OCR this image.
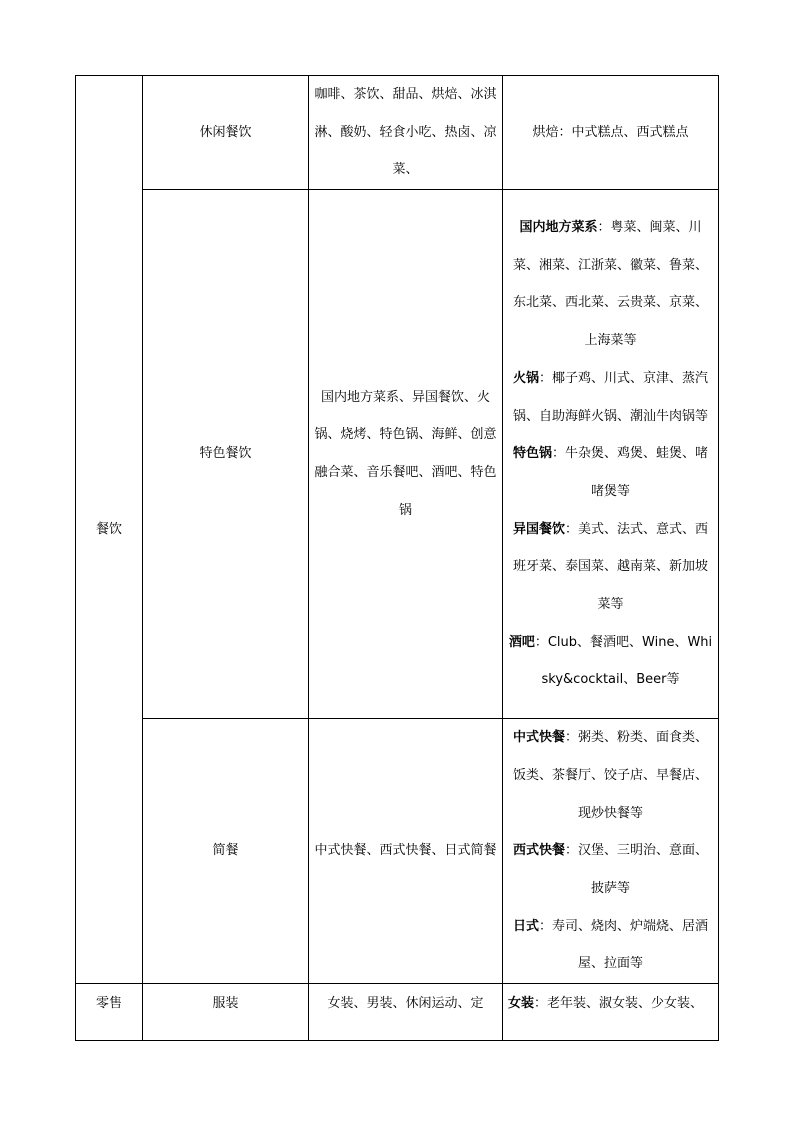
餐饮	休闲餐饮	咖啡、茶饮、甜品、烘焙、冰淇淋、酸奶、轻食小吃、热卤、凉菜、	烘焙：中式糕点、西式糕点
	特色餐饮	国内地方菜系、异国餐饮、火锅、烧烤、特色锅、海鲜、创意融合菜、音乐餐吧、酒吧、特色锅	国内地方菜系：粤菜、闽菜、川菜、湘菜、江浙菜、徽菜、鲁菜、东北菜、西北菜、云贵菜、京菜、上海菜等
火锅：椰子鸡、川式、京津、蒸汽锅、自助海鲜火锅、潮汕牛肉锅等
特色锅：牛杂煲、鸡煲、蛙煲、啫啫煲等
异国餐饮：美式、法式、意式、西班牙菜、泰国菜、越南菜、新加坡菜等
酒吧：Club、餐酒吧、Wine、Whisky&cocktail、Beer等

	简餐	中式快餐、西式快餐、日式简餐	中式快餐：粥类、粉类、面食类、饭类、茶餐厅、饺子店、早餐店、现炒快餐等
西式快餐：汉堡、三明治、意面、披萨等
日式：寿司、烧肉、炉端烧、居酒屋、拉面等

零售	服装	女装、男装、休闲运动、定	女装：老年装、淑女装、少女装、
